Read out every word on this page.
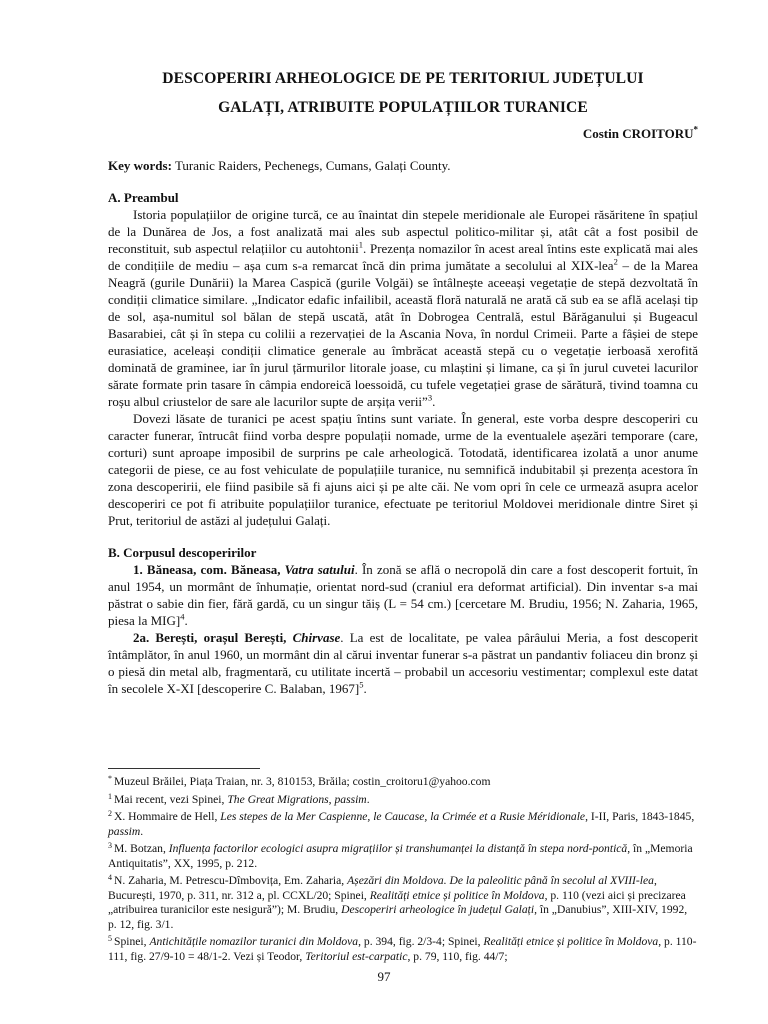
DESCOPERIRI ARHEOLOGICE DE PE TERITORIUL JUDEȚULUI
GALAȚI, ATRIBUITE POPULAȚIILOR TURANICE
Costin CROITORU*
Key words: Turanic Raiders, Pechenegs, Cumans, Galați County.
A. Preambul

Istoria populațiilor de origine turcă, ce au înaintat din stepele meridionale ale Europei răsăritene în spațiul de la Dunărea de Jos, a fost analizată mai ales sub aspectul politico-militar și, atât cât a fost posibil de reconstituit, sub aspectul relațiilor cu autohtonii$^1$. Prezența nomazilor în acest areal întins este explicată mai ales de condițiile de mediu – așa cum s-a remarcat încă din prima jumătate a secolului al XIX-lea$^2$ – de la Marea Neagră (gurile Dunării) la Marea Caspică (gurile Volgăi) se întâlnește aceeași vegetație de stepă dezvoltată în condiții climatice similare. „Indicator edafic infailibil, această floră naturală ne arată că sub ea se află același tip de sol, așa-numitul sol bălan de stepă uscată, atât în Dobrogea Centrală, estul Bărăganului și Bugeacul Basarabiei, cât și în stepa cu colilii a rezervației de la Ascania Nova, în nordul Crimeii. Parte a fâșiei de stepe eurasiatice, aceleași condiții climatice generale au îmbrăcat această stepă cu o vegetație ierboasă xerofită dominată de graminee, iar în jurul țărmurilor litorale joase, cu mlaștini și limane, ca și în jurul cuvetei lacurilor sărate formate prin tasare în câmpia endoreică loessoidă, cu tufele vegetației grase de sărătură, tivind toamna cu roșu albul criustelor de sare ale lacurilor supte de arșița verii”$^3$.

Dovezi lăsate de turanici pe acest spațiu întins sunt variate. În general, este vorba despre descoperiri cu caracter funerar, întrucât fiind vorba despre populații nomade, urme de la eventualele așezări temporare (care, corturi) sunt aproape imposibil de surprins pe cale arheologică. Totodată, identificarea izolată a unor anume categorii de piese, ce au fost vehiculate de populațiile turanice, nu semnifică indubitabil și prezența acestora în zona descoperirii, ele fiind pasibile să fi ajuns aici și pe alte căi. Ne vom opri în cele ce urmează asupra acelor descoperiri ce pot fi atribuite populațiilor turanice, efectuate pe teritoriul Moldovei meridionale dintre Siret și Prut, teritoriul de astăzi al județului Galați.

B. Corpusul descoperirilor

1. Băneasa, com. Băneasa, Vatra satului. În zonă se află o necropolă din care a fost descoperit fortuit, în anul 1954, un mormânt de înhumație, orientat nord-sud (craniul era deformat artificial). Din inventar s-a mai păstrat o sabie din fier, fără gardă, cu un singur tăiș (L = 54 cm.) [cercetare M. Brudiu, 1956; N. Zaharia, 1965, piesa la MIG]$^4$.

2a. Berești, orașul Berești, Chirvase. La est de localitate, pe valea pârâului Meria, a fost descoperit întâmplător, în anul 1960, un mormânt din al cărui inventar funerar s-a păstrat un pandantiv foliaceu din bronz și o piesă din metal alb, fragmentară, cu utilitate incertă – probabil un accesoriu vestimentar; complexul este datat în secolele X-XI [descoperire C. Balaban, 1967]$^5$.

* Muzeul Brăilei, Piața Traian, nr. 3, 810153, Brăila; costin_croitoru1@yahoo.com
$^1$ Mai recent, vezi Spinei, The Great Migrations, passim.
$^2$ X. Hommaire de Hell, Les stepes de la Mer Caspienne, le Caucase, la Crimée et a Rusie Méridionale, I-II, Paris, 1843-1845, passim.
$^3$ M. Botzan, Influența factorilor ecologici asupra migrațiilor și transhumanței la distanță în stepa nord-pontică, în „Memoria Antiquitatis”, XX, 1995, p. 212.
$^4$ N. Zaharia, M. Petrescu-Dîmbovița, Em. Zaharia, Așezări din Moldova. De la paleolitic până în secolul al XVIII-lea, București, 1970, p. 311, nr. 312 a, pl. CCXL/20; Spinei, Realități etnice și politice în Moldova, p. 110 (vezi aici și precizarea „atribuirea turanicilor este nesigură”); M. Brudiu, Descoperiri arheologice în județul Galați, în „Danubius”, XIII-XIV, 1992, p. 12, fig. 3/1.
$^5$ Spinei, Antichitățile nomazilor turanici din Moldova, p. 394, fig. 2/3-4; Spinei, Realități etnice și politice în Moldova, p. 110-111, fig. 27/9-10 = 48/1-2. Vezi și Teodor, Teritoriul est-carpatic, p. 79, 110, fig. 44/7;
97
